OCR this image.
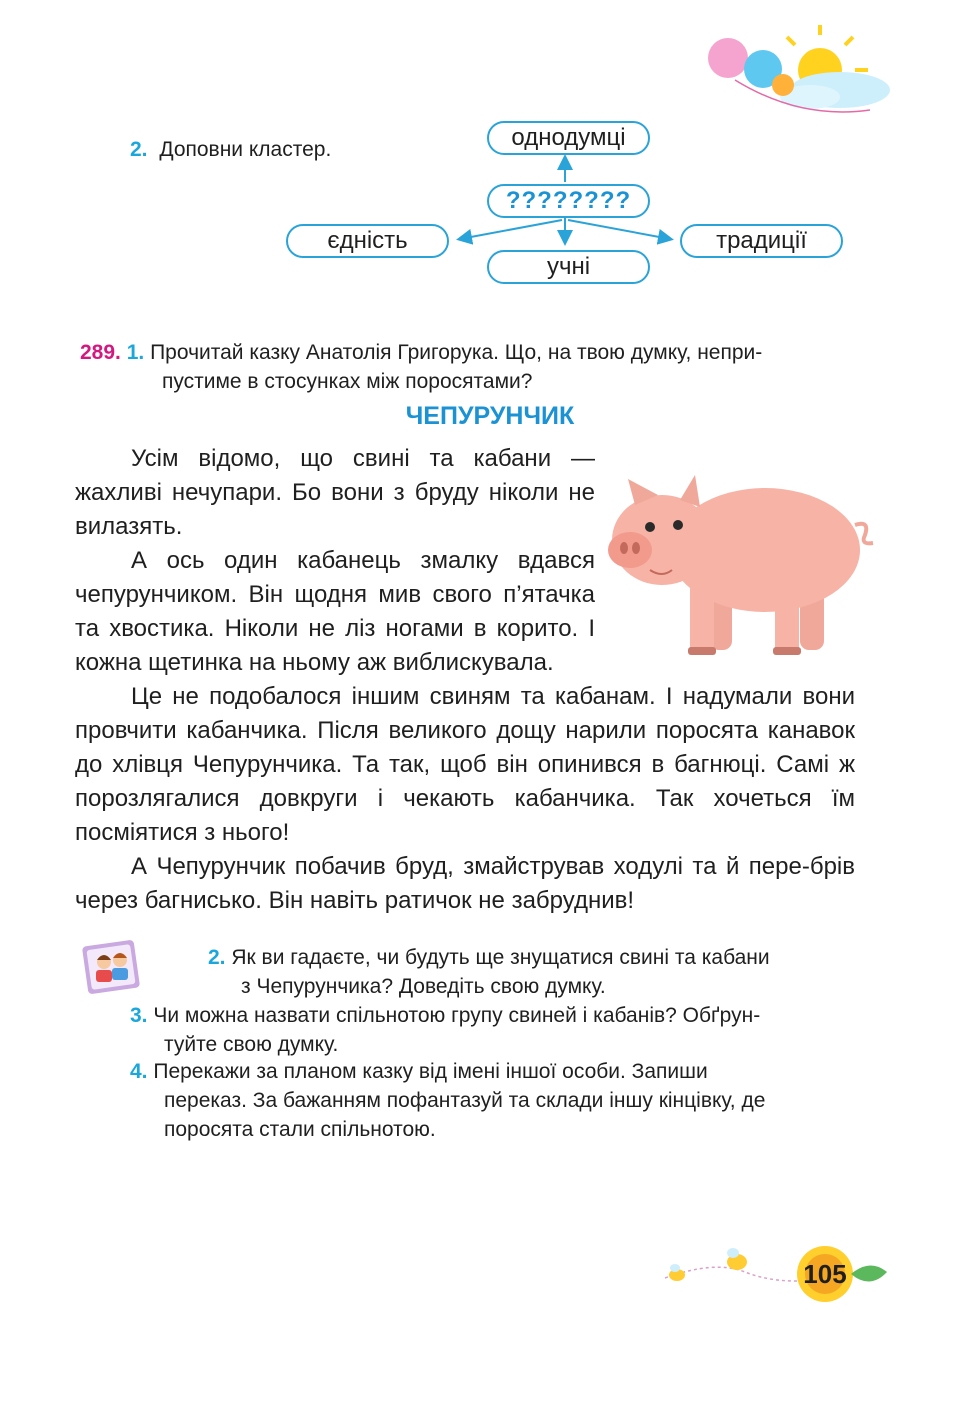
2. Доповни кластер.	однодумці
????????
єдність	традиції
учні
289. 1. Прочитай казку Анатолія Григорука. Що, на твою думку, непри-
пустиме в стосунках між поросятами?
ЧЕПУРУНЧИК

Усім відомо, що свині та кабани — жахливі нечупари. Бо вони з бруду ніколи не вилазять.

А ось один кабанець змалку вдався чепурунчиком. Він щодня мив свого п’ятачка та хвостика. Ніколи не ліз ногами в корито. І кожна щетинка на ньому аж виблискувала.

Це не подобалося іншим свиням та кабанам. І надумали вони провчити кабанчика. Після великого дощу нарили поросята канавок до хлівця Чепурунчика. Та так, щоб він опинився в багнюці. Самі ж порозлягалися довкруги і чекають кабанчика. Так хочеться їм посміятися з нього!

А Чепурунчик побачив бруд, змайстрував ходулі та й пере-брів через багнисько. Він навіть ратичок не забруднив!

2. Як ви гадаєте, чи будуть ще знущатися свині та кабани
з Чепурунчика? Доведіть свою думку.
3. Чи можна назвати спільнотою групу свиней і кабанів? Обґрун-
туйте свою думку.
4. Перекажи за планом казку від імені іншої особи. Запиши
переказ. За бажанням пофантазуй та склади іншу кінцівку, де
поросята стали спільнотою.
105
